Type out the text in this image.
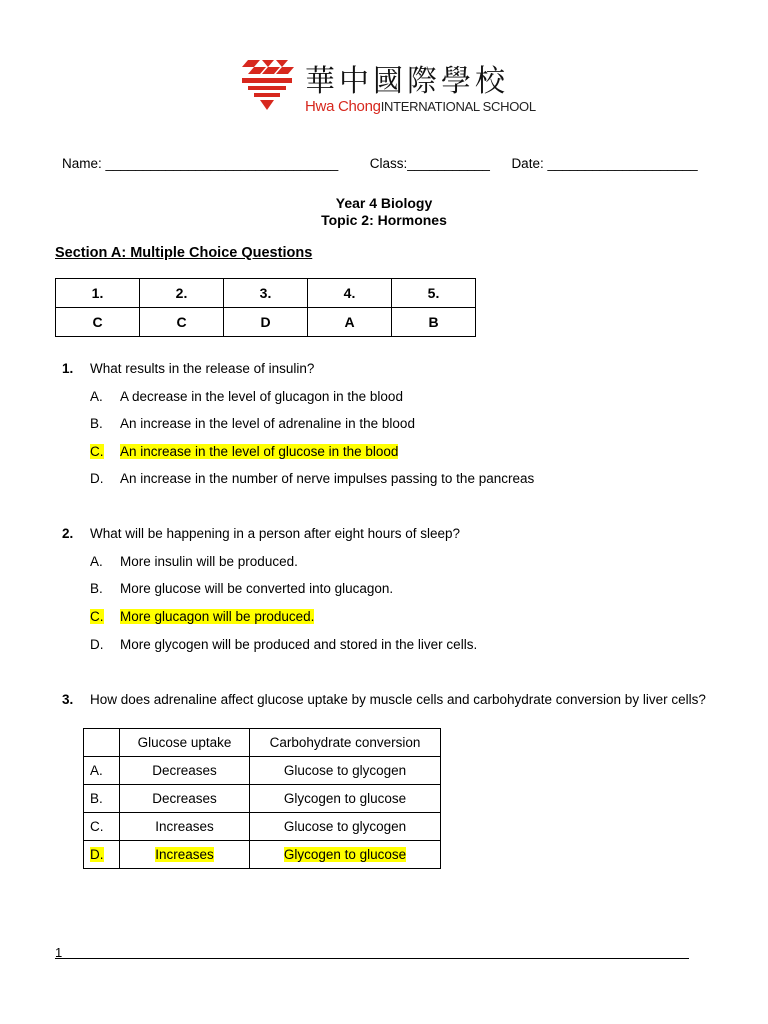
華中國際學校
Hwa ChongINTERNATIONAL SCHOOL
Name: _______________________________ Class:___________ Date: ____________________
Year 4 Biology
Topic 2: Hormones
Section A: Multiple Choice Questions
1.	2.	3.	4.	5.
C	C	D	A	B
1. What results in the release of insulin?
A. A decrease in the level of glucagon in the blood
B. An increase in the level of adrenaline in the blood
C. An increase in the level of glucose in the blood
D. An increase in the number of nerve impulses passing to the pancreas
2. What will be happening in a person after eight hours of sleep?
A. More insulin will be produced.
B. More glucose will be converted into glucagon.
C. More glucagon will be produced.
D. More glycogen will be produced and stored in the liver cells.
3. How does adrenaline affect glucose uptake by muscle cells and carbohydrate conversion by liver cells?
	Glucose uptake	Carbohydrate conversion
A.	Decreases	Glucose to glycogen
B.	Decreases	Glycogen to glucose
C.	Increases	Glucose to glycogen
D.	Increases	Glycogen to glucose
1
